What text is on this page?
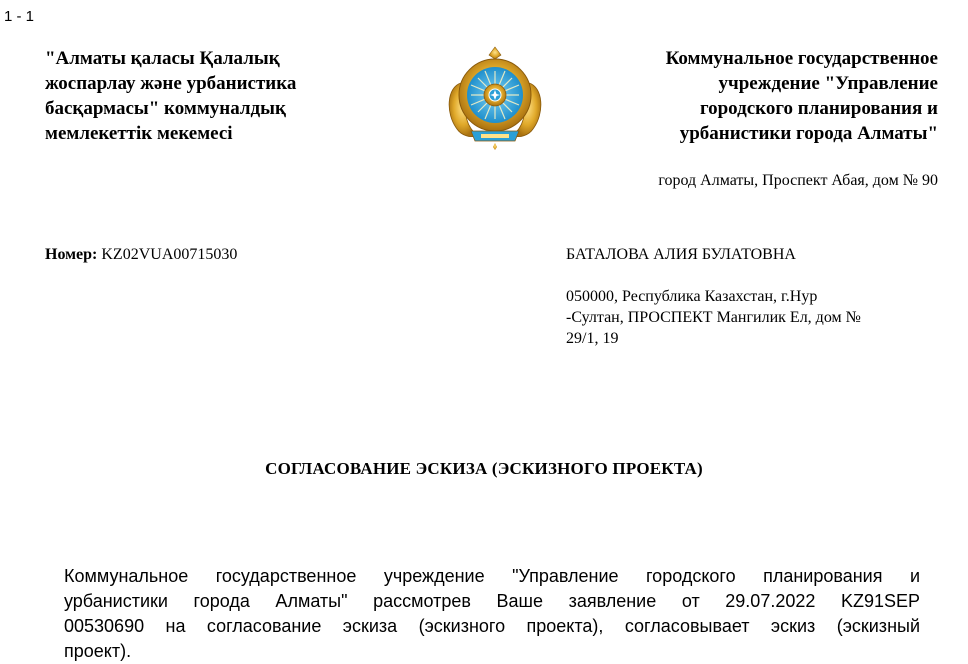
1 - 1
"Алматы қаласы Қалалық
жоспарлау және урбанистика
басқармасы" коммуналдық
мемлекеттік мекемесі
Коммунальное государственное
учреждение "Управление
городского планирования и
урбанистики города Алматы"
город Алматы, Проспект Абая, дом № 90
Номер: KZ02VUA00715030	БАТАЛОВА АЛИЯ БУЛАТОВНА
050000, Республика Казахстан, г.Нур
-Султан, ПРОСПЕКТ Мангилик Ел, дом №
29/1, 19
СОГЛАСОВАНИЕ ЭСКИЗА (ЭСКИЗНОГО ПРОЕКТА)
Коммунальное государственное учреждение "Управление городского планирования и
урбанистики города Алматы" рассмотрев Ваше заявление от 29.07.2022 KZ91SEP
00530690 на согласование эскиза (эскизного проекта), согласовывает эскиз (эскизный
проект).
